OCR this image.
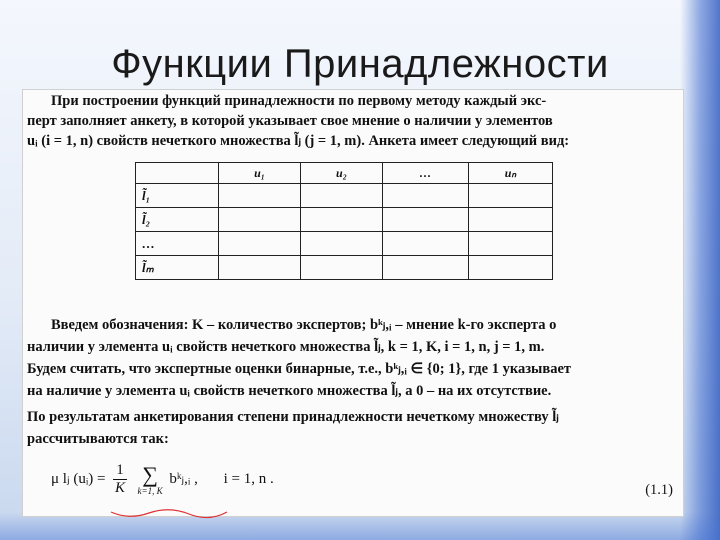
Функции Принадлежности
При построении функций принадлежности по первому методу каждый экс-
перт заполняет анкету, в которой указывает свое мнение о наличии у элементов
uᵢ (i = 1, n) свойств нечеткого множества l̃ⱼ (j = 1, m). Анкета имеет следующий вид:
	u₁	u₂	…	uₙ
l̃₁				
l̃₂				
…				
l̃ₘ				
Введем обозначения: K – количество экспертов; bᵏⱼ,ᵢ – мнение k-го эксперта о
наличии у элемента uᵢ свойств нечеткого множества l̃ⱼ, k = 1, K, i = 1, n, j = 1, m.
Будем считать, что экспертные оценки бинарные, т.е., bᵏⱼ,ᵢ ∈ {0; 1}, где 1 указывает
на наличие у элемента uᵢ свойств нечеткого множества l̃ⱼ, а 0 – на их отсутствие.
По результатам анкетирования степени принадлежности нечеткому множеству l̃ⱼ
рассчитываются так:
μ lⱼ (uᵢ) = $\frac{1}{K}$
∑
k=1, K
bᵏⱼ,ᵢ , i = 1, n .
(1.1)
